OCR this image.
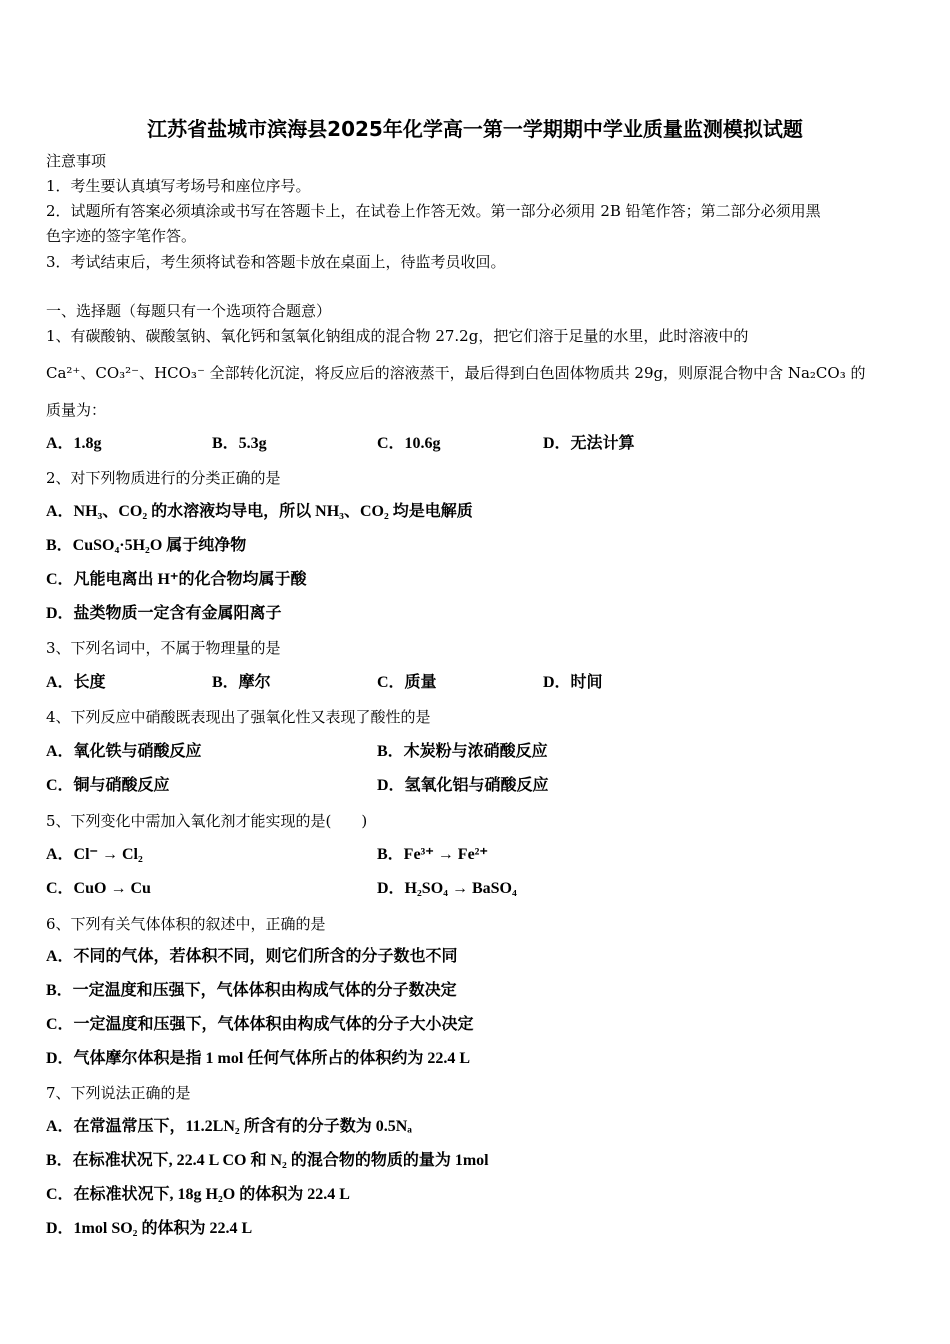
江苏省盐城市滨海县2025年化学高一第一学期期中学业质量监测模拟试题
注意事项
1．考生要认真填写考场号和座位序号。
2．试题所有答案必须填涂或书写在答题卡上，在试卷上作答无效。第一部分必须用 2B 铅笔作答；第二部分必须用黑
色字迹的签字笔作答。
3．考试结束后，考生须将试卷和答题卡放在桌面上，待监考员收回。
一、选择题（每题只有一个选项符合题意）
1、有碳酸钠、碳酸氢钠、氧化钙和氢氧化钠组成的混合物 27.2g，把它们溶于足量的水里，此时溶液中的
Ca²⁺、CO₃²⁻、HCO₃⁻ 全部转化沉淀，将反应后的溶液蒸干，最后得到白色固体物质共 29g，则原混合物中含 Na₂CO₃ 的
质量为：
A．1.8g	B．5.3g	C．10.6g	D．无法计算
2、对下列物质进行的分类正确的是
A．NH₃、CO₂ 的水溶液均导电，所以 NH₃、CO₂ 均是电解质
B．CuSO₄·5H₂O 属于纯净物
C．凡能电离出 H⁺的化合物均属于酸
D．盐类物质一定含有金属阳离子
3、下列名词中，不属于物理量的是
A．长度	B．摩尔	C．质量	D．时间
4、下列反应中硝酸既表现出了强氧化性又表现了酸性的是
A．氧化铁与硝酸反应	B．木炭粉与浓硝酸反应
C．铜与硝酸反应	D．氢氧化铝与硝酸反应
5、下列变化中需加入氧化剂才能实现的是(　　)
A．Cl⁻ → Cl₂	B．Fe³⁺ → Fe²⁺
C．CuO → Cu	D．H₂SO₄ → BaSO₄
6、下列有关气体体积的叙述中，正确的是
A．不同的气体，若体积不同，则它们所含的分子数也不同
B．一定温度和压强下，气体体积由构成气体的分子数决定
C．一定温度和压强下，气体体积由构成气体的分子大小决定
D．气体摩尔体积是指 1 mol 任何气体所占的体积约为 22.4 L
7、下列说法正确的是
A．在常温常压下，11.2LN₂ 所含有的分子数为 0.5Nₐ
B．在标准状况下, 22.4 L CO 和 N₂ 的混合物的物质的量为 1mol
C．在标准状况下, 18g H₂O 的体积为 22.4 L
D．1mol SO₂ 的体积为 22.4 L
